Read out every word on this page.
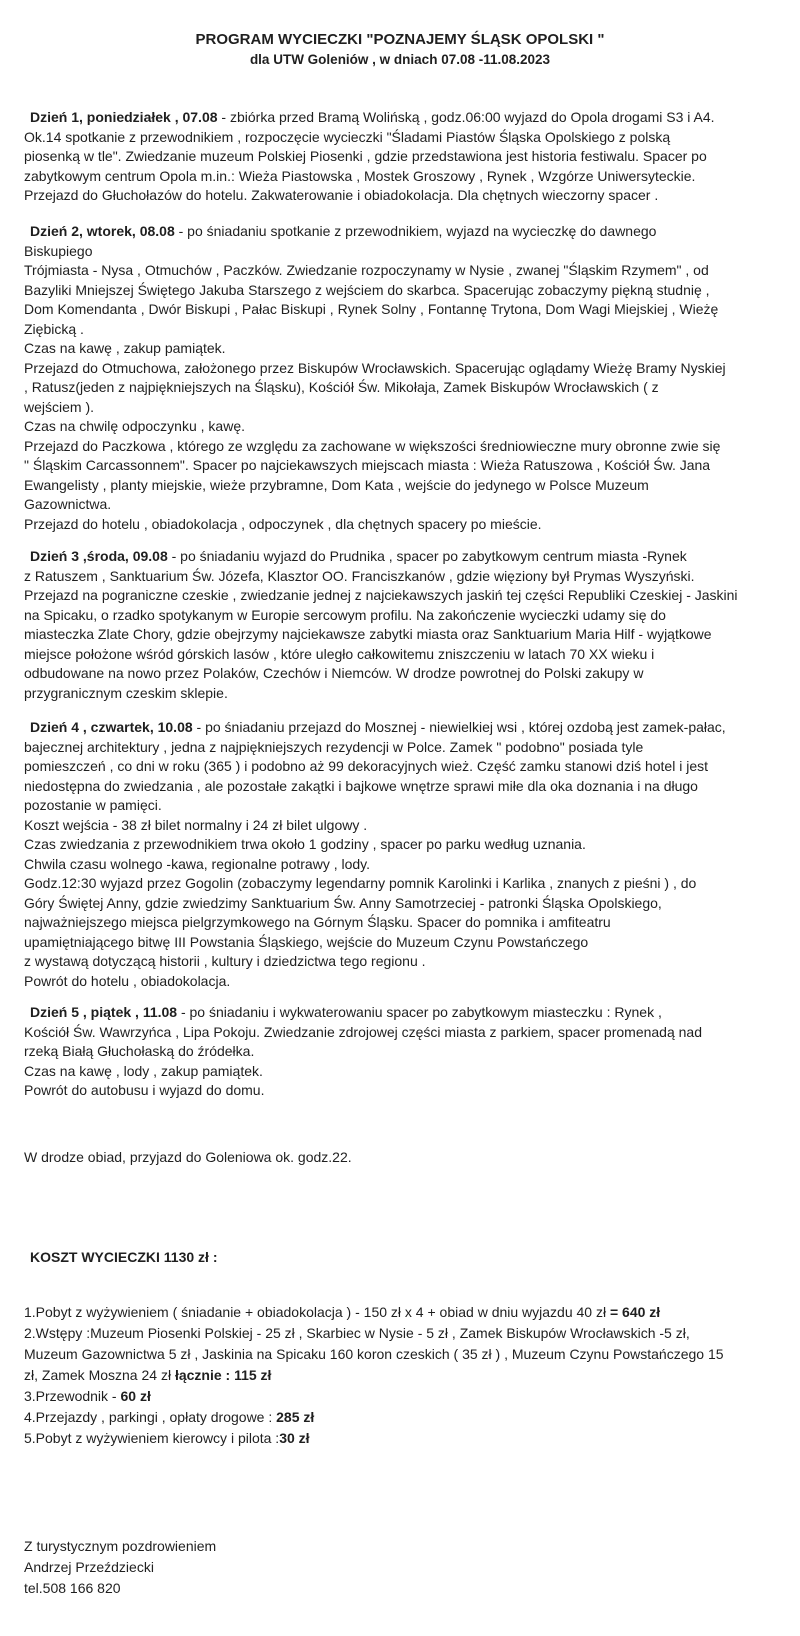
PROGRAM WYCIECZKI "POZNAJEMY ŚLĄSK OPOLSKI "
dla UTW Goleniów , w dniach 07.08 -11.08.2023

Dzień 1, poniedziałek , 07.08 - zbiórka przed Bramą Wolińską , godz.06:00 wyjazd do Opola drogami S3 i A4.

Ok.14 spotkanie z przewodnikiem , rozpoczęcie wycieczki "Śladami Piastów Śląska Opolskiego z polską

piosenką w tle". Zwiedzanie muzeum Polskiej Piosenki , gdzie przedstawiona jest historia festiwalu. Spacer po

zabytkowym centrum Opola m.in.: Wieża Piastowska , Mostek Groszowy , Rynek , Wzgórze Uniwersyteckie.

Przejazd do Głuchołazów do hotelu. Zakwaterowanie i obiadokolacja. Dla chętnych wieczorny spacer .

Dzień 2, wtorek, 08.08 - po śniadaniu spotkanie z przewodnikiem, wyjazd na wycieczkę do dawnego

Biskupiego

Trójmiasta - Nysa , Otmuchów , Paczków. Zwiedzanie rozpoczynamy w Nysie , zwanej "Śląskim Rzymem" , od

Bazyliki Mniejszej Świętego Jakuba Starszego z wejściem do skarbca. Spacerując zobaczymy piękną studnię ,

Dom Komendanta , Dwór Biskupi , Pałac Biskupi , Rynek Solny , Fontannę Trytona, Dom Wagi Miejskiej , Wieżę

Ziębicką .

Czas na kawę , zakup pamiątek.

Przejazd do Otmuchowa, założonego przez Biskupów Wrocławskich. Spacerując oglądamy Wieżę Bramy Nyskiej

, Ratusz(jeden z najpiękniejszych na Śląsku), Kościół Św. Mikołaja, Zamek Biskupów Wrocławskich ( z

wejściem ).

Czas na chwilę odpoczynku , kawę.

Przejazd do Paczkowa , którego ze względu za zachowane w większości średniowieczne mury obronne zwie się

" Śląskim Carcassonnem". Spacer po najciekawszych miejscach miasta : Wieża Ratuszowa , Kościół Św. Jana

Ewangelisty , planty miejskie, wieże przybramne, Dom Kata , wejście do jedynego w Polsce Muzeum

Gazownictwa.

Przejazd do hotelu , obiadokolacja , odpoczynek , dla chętnych spacery po mieście.

Dzień 3 ,środa, 09.08 - po śniadaniu wyjazd do Prudnika , spacer po zabytkowym centrum miasta -Rynek

z Ratuszem , Sanktuarium Św. Józefa, Klasztor OO. Franciszkanów , gdzie więziony był Prymas Wyszyński.

Przejazd na pograniczne czeskie , zwiedzanie jednej z najciekawszych jaskiń tej części Republiki Czeskiej - Jaskini

na Spicaku, o rzadko spotykanym w Europie sercowym profilu. Na zakończenie wycieczki udamy się do

miasteczka Zlate Chory, gdzie obejrzymy najciekawsze zabytki miasta oraz Sanktuarium Maria Hilf - wyjątkowe

miejsce położone wśród górskich lasów , które uległo całkowitemu zniszczeniu w latach 70 XX wieku i

odbudowane na nowo przez Polaków, Czechów i Niemców. W drodze powrotnej do Polski zakupy w

przygranicznym czeskim sklepie.

Dzień 4 , czwartek, 10.08 - po śniadaniu przejazd do Mosznej - niewielkiej wsi , której ozdobą jest zamek-pałac,

bajecznej architektury , jedna z najpiękniejszych rezydencji w Polce. Zamek " podobno" posiada tyle

pomieszczeń , co dni w roku (365 ) i podobno aż 99 dekoracyjnych wież. Część zamku stanowi dziś hotel i jest

niedostępna do zwiedzania , ale pozostałe zakątki i bajkowe wnętrze sprawi miłe dla oka doznania i na długo

pozostanie w pamięci.

Koszt wejścia - 38 zł bilet normalny i 24 zł bilet ulgowy .

Czas zwiedzania z przewodnikiem trwa około 1 godziny , spacer po parku według uznania.

Chwila czasu wolnego -kawa, regionalne potrawy , lody.

Godz.12:30 wyjazd przez Gogolin (zobaczymy legendarny pomnik Karolinki i Karlika , znanych z pieśni ) , do

Góry Świętej Anny, gdzie zwiedzimy Sanktuarium Św. Anny Samotrzeciej - patronki Śląska Opolskiego,

najważniejszego miejsca pielgrzymkowego na Górnym Śląsku. Spacer do pomnika i amfiteatru

upamiętniającego bitwę III Powstania Śląskiego, wejście do Muzeum Czynu Powstańczego

z wystawą dotyczącą historii , kultury i dziedzictwa tego regionu .

Powrót do hotelu , obiadokolacja.

Dzień 5 , piątek , 11.08 - po śniadaniu i wykwaterowaniu spacer po zabytkowym miasteczku : Rynek ,

Kościół Św. Wawrzyńca , Lipa Pokoju. Zwiedzanie zdrojowej części miasta z parkiem, spacer promenadą nad

rzeką Białą Głuchołaską do źródełka.

Czas na kawę , lody , zakup pamiątek.

Powrót do autobusu i wyjazd do domu.

W drodze obiad, przyjazd do Goleniowa ok. godz.22.

KOSZT WYCIECZKI 1130 zł :

1.Pobyt z wyżywieniem ( śniadanie + obiadokolacja ) - 150 zł x 4 + obiad w dniu wyjazdu 40 zł = 640 zł

2.Wstępy :Muzeum Piosenki Polskiej - 25 zł , Skarbiec w Nysie - 5 zł , Zamek Biskupów Wrocławskich -5 zł,

Muzeum Gazownictwa 5 zł , Jaskinia na Spicaku 160 koron czeskich ( 35 zł ) , Muzeum Czynu Powstańczego 15

zł, Zamek Moszna 24 zł łącznie : 115 zł

3.Przewodnik - 60 zł

4.Przejazdy , parkingi , opłaty drogowe : 285 zł

5.Pobyt z wyżywieniem kierowcy i pilota :30 zł

Z turystycznym pozdrowieniem

Andrzej Przeździecki

tel.508 166 820
